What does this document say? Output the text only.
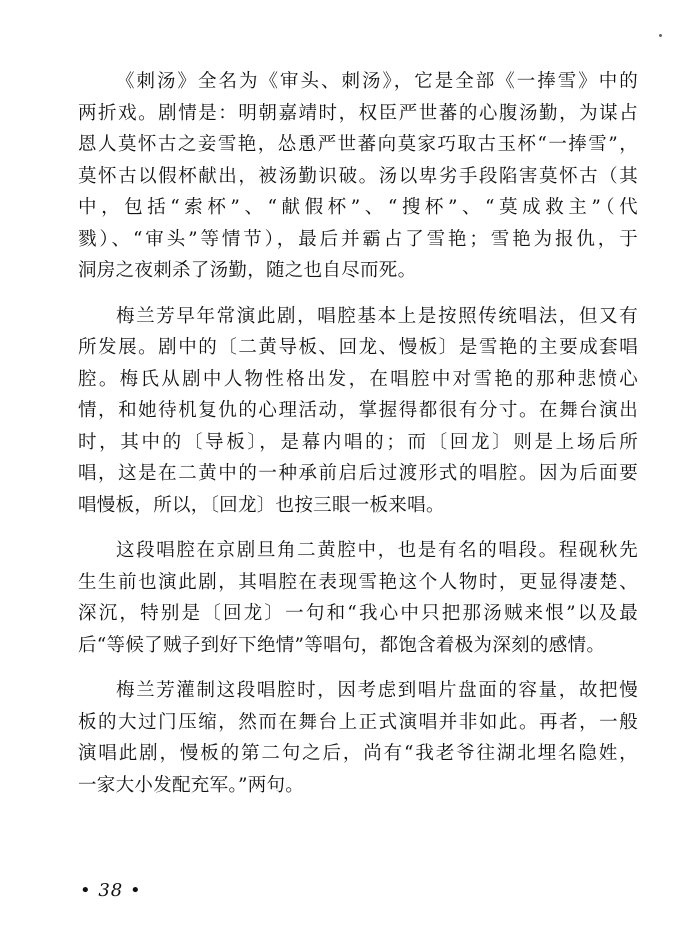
《刺汤》全名为《审头、刺汤》，它是全部《一捧雪》中的
两折戏。剧情是：明朝嘉靖时，权臣严世蕃的心腹汤勤，为谋占
恩人莫怀古之妾雪艳，怂恿严世蕃向莫家巧取古玉杯“一捧雪”，
莫怀古以假杯献出，被汤勤识破。汤以卑劣手段陷害莫怀古（其
中，包括“索杯”、“献假杯”、“搜杯”、“莫成救主”（代
戮）、“审头”等情节），最后并霸占了雪艳；雪艳为报仇，于
洞房之夜刺杀了汤勤，随之也自尽而死。
梅兰芳早年常演此剧，唱腔基本上是按照传统唱法，但又有
所发展。剧中的〔二黄导板、回龙、慢板〕是雪艳的主要成套唱
腔。梅氏从剧中人物性格出发，在唱腔中对雪艳的那种悲愤心
情，和她待机复仇的心理活动，掌握得都很有分寸。在舞台演出
时，其中的〔导板〕，是幕内唱的；而〔回龙〕则是上场后所
唱，这是在二黄中的一种承前启后过渡形式的唱腔。因为后面要
唱慢板，所以，〔回龙〕也按三眼一板来唱。
这段唱腔在京剧旦角二黄腔中，也是有名的唱段。程砚秋先
生生前也演此剧，其唱腔在表现雪艳这个人物时，更显得凄楚、
深沉，特别是〔回龙〕一句和“我心中只把那汤贼来恨”以及最
后“等候了贼子到好下绝情”等唱句，都饱含着极为深刻的感情。
梅兰芳灌制这段唱腔时，因考虑到唱片盘面的容量，故把慢
板的大过门压缩，然而在舞台上正式演唱并非如此。再者，一般
演唱此剧，慢板的第二句之后，尚有“我老爷往湖北埋名隐姓，
一家大小发配充军。”两句。
• 38 •
